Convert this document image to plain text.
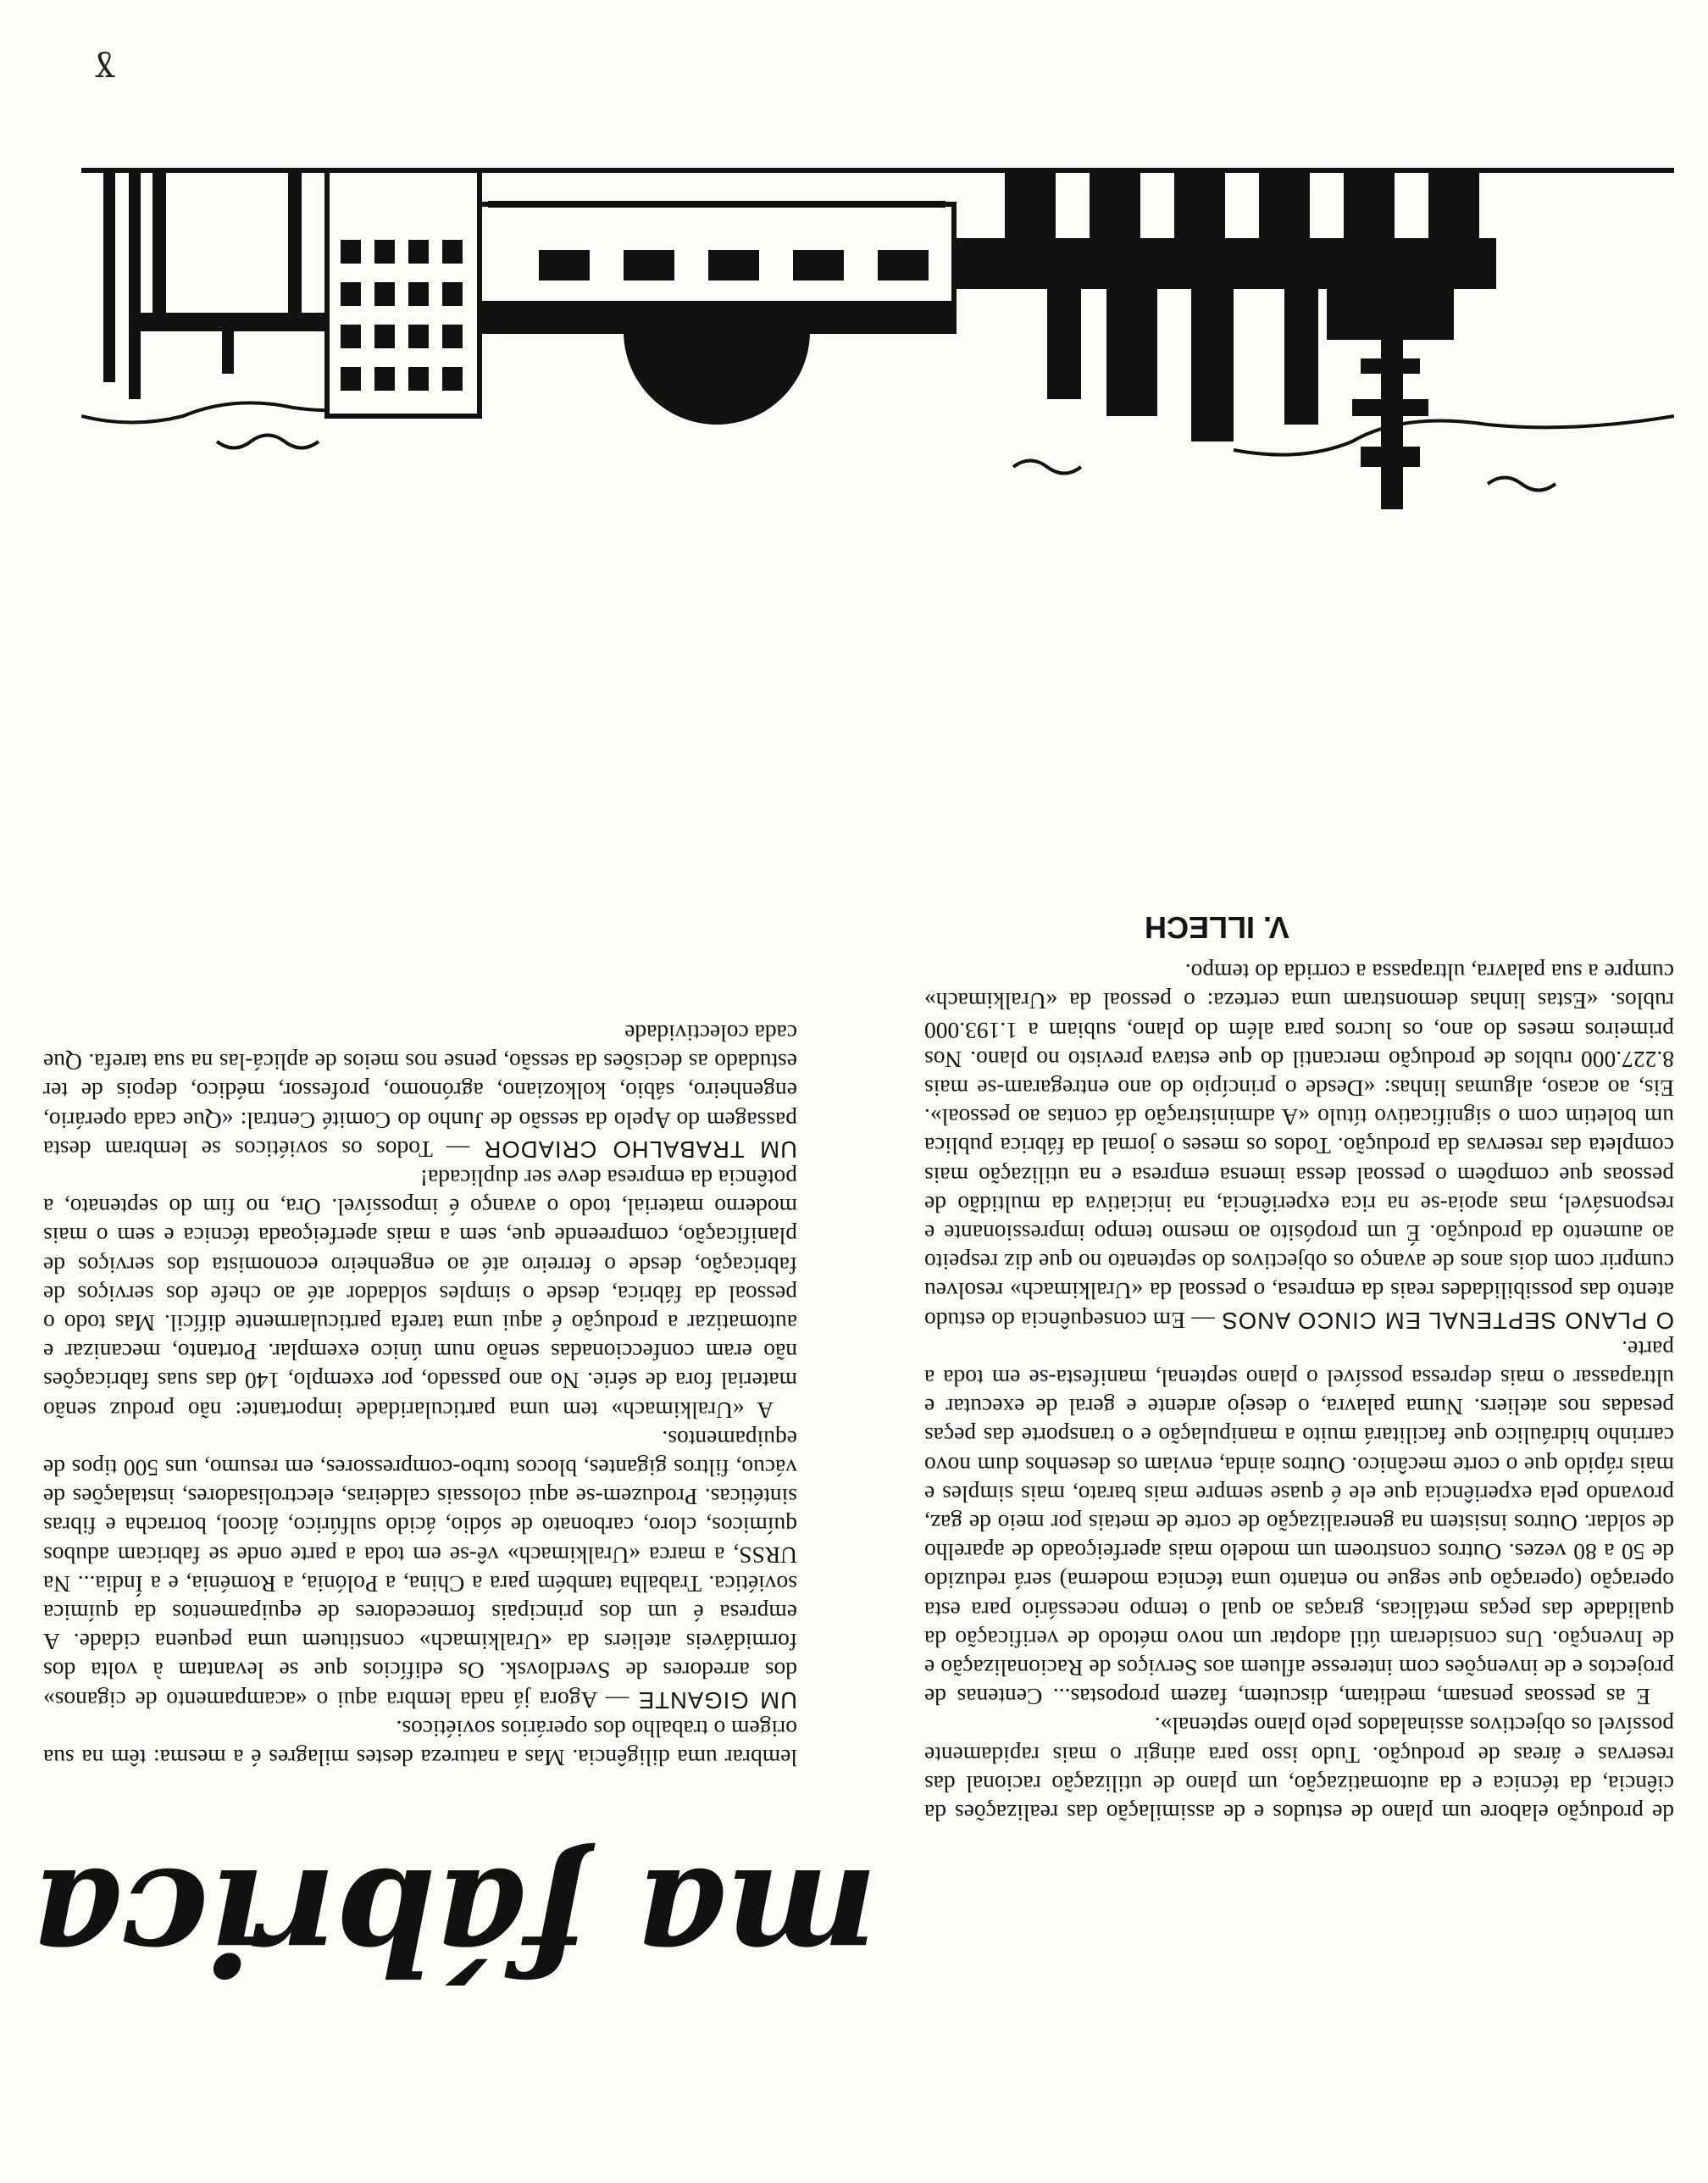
ɣ
ma fábrica

de produção elabore um plano de estudos e de assimilação das realizações da ciência, da técnica e da automatização, um plano de utilização racional das reservas e áreas de produção. Tudo isso para atingir o mais rapidamente possível os objectivos assinalados pelo plano septenal».

E as pessoas pensam, meditam, discutem, fazem propostas... Centenas de projectos e de invenções com interesse afluem aos Serviços de Racionalização e de Invenção. Uns consideram útil adoptar um novo método de verificação da qualidade das peças metálicas, graças ao qual o tempo necessário para esta operação (operação que segue no entanto uma técnica moderna) será reduzido de 50 a 80 vezes. Outros constroem um modelo mais aperfeiçoado de aparelho de soldar. Outros insistem na generalização de corte de metais por meio de gaz, provando pela experiência que ele é quase sempre mais barato, mais simples e mais rápido que o corte mecânico. Outros ainda, enviam os desenhos dum novo carrinho hidráulico que facilitará muito a manipulação e o transporte das peças pesadas nos ateliers. Numa palavra, o desejo ardente e geral de executar e ultrapassar o mais depressa possível o plano septenal, manifesta-se em toda a parte.

O PLANO SEPTENAL EM CINCO ANOS — Em consequência do estudo atento das possibilidades reais da empresa, o pessoal da «Uralkimach» resolveu cumprir com dois anos de avanço os objectivos do septenato no que diz respeito ao aumento da produção. É um propósito ao mesmo tempo impressionante e responsável, mas apoia-se na rica experiência, na iniciativa da multidão de pessoas que compõem o pessoal dessa imensa empresa e na utilização mais completa das reservas da produção. Todos os meses o jornal da fábrica publica um boletim com o significativo título «A administração dá contas ao pessoal». Eis, ao acaso, algumas linhas: «Desde o princípio do ano entregaram-se mais 8.227.000 rublos de produção mercantil do que estava previsto no plano. Nos primeiros meses do ano, os lucros para além do plano, subiam a 1.193.000 rublos. «Estas linhas demonstram uma certeza: o pessoal da «Uralkimach» cumpre a sua palavra, ultrapassa a corrida do tempo.

V. ILLECH

lembrar uma diligência. Mas a natureza destes milagres é a mesma: têm na sua origem o trabalho dos operários soviéticos.

UM GIGANTE — Agora já nada lembra aqui o «acampamento de ciganos» dos arredores de Sverdlovsk. Os edifícios que se levantam à volta dos formidáveis ateliers da «Uralkimach» constituem uma pequena cidade. A empresa é um dos principais fornecedores de equipamentos da química soviética. Trabalha também para a China, a Polónia, a Roménia, e a Índia... Na URSS, a marca «Uralkimach» vê-se em toda a parte onde se fabricam adubos químicos, cloro, carbonato de sódio, ácido sulfúrico, álcool, borracha e fibras sintéticas. Produzem-se aqui colossais caldeiras, electrolisadores, instalações de vácuo, filtros gigantes, blocos turbo-compressores, em resumo, uns 500 tipos de equipamentos.

A «Uralkimach» tem uma particularidade importante: não produz senão material fora de série. No ano passado, por exemplo, 140 das suas fabricações não eram confeccionadas senão num único exemplar. Portanto, mecanizar e automatizar a produção é aqui uma tarefa particularmente difícil. Mas todo o pessoal da fábrica, desde o simples soldador até ao chefe dos serviços de fabricação, desde o ferreiro até ao engenheiro economista dos serviços de planificação, compreende que, sem a mais aperfeiçoada técnica e sem o mais moderno material, todo o avanço é impossível. Ora, no fim do septenato, a potência da empresa deve ser duplicada!

UM TRABALHO CRIADOR — Todos os soviéticos se lembram desta passagem do Apelo da sessão de Junho do Comité Central: «Que cada operário, engenheiro, sábio, kolkoziano, agrónomo, professor, médico, depois de ter estudado as decisões da sessão, pense nos meios de aplicá-las na sua tarefa. Que cada colectividade
